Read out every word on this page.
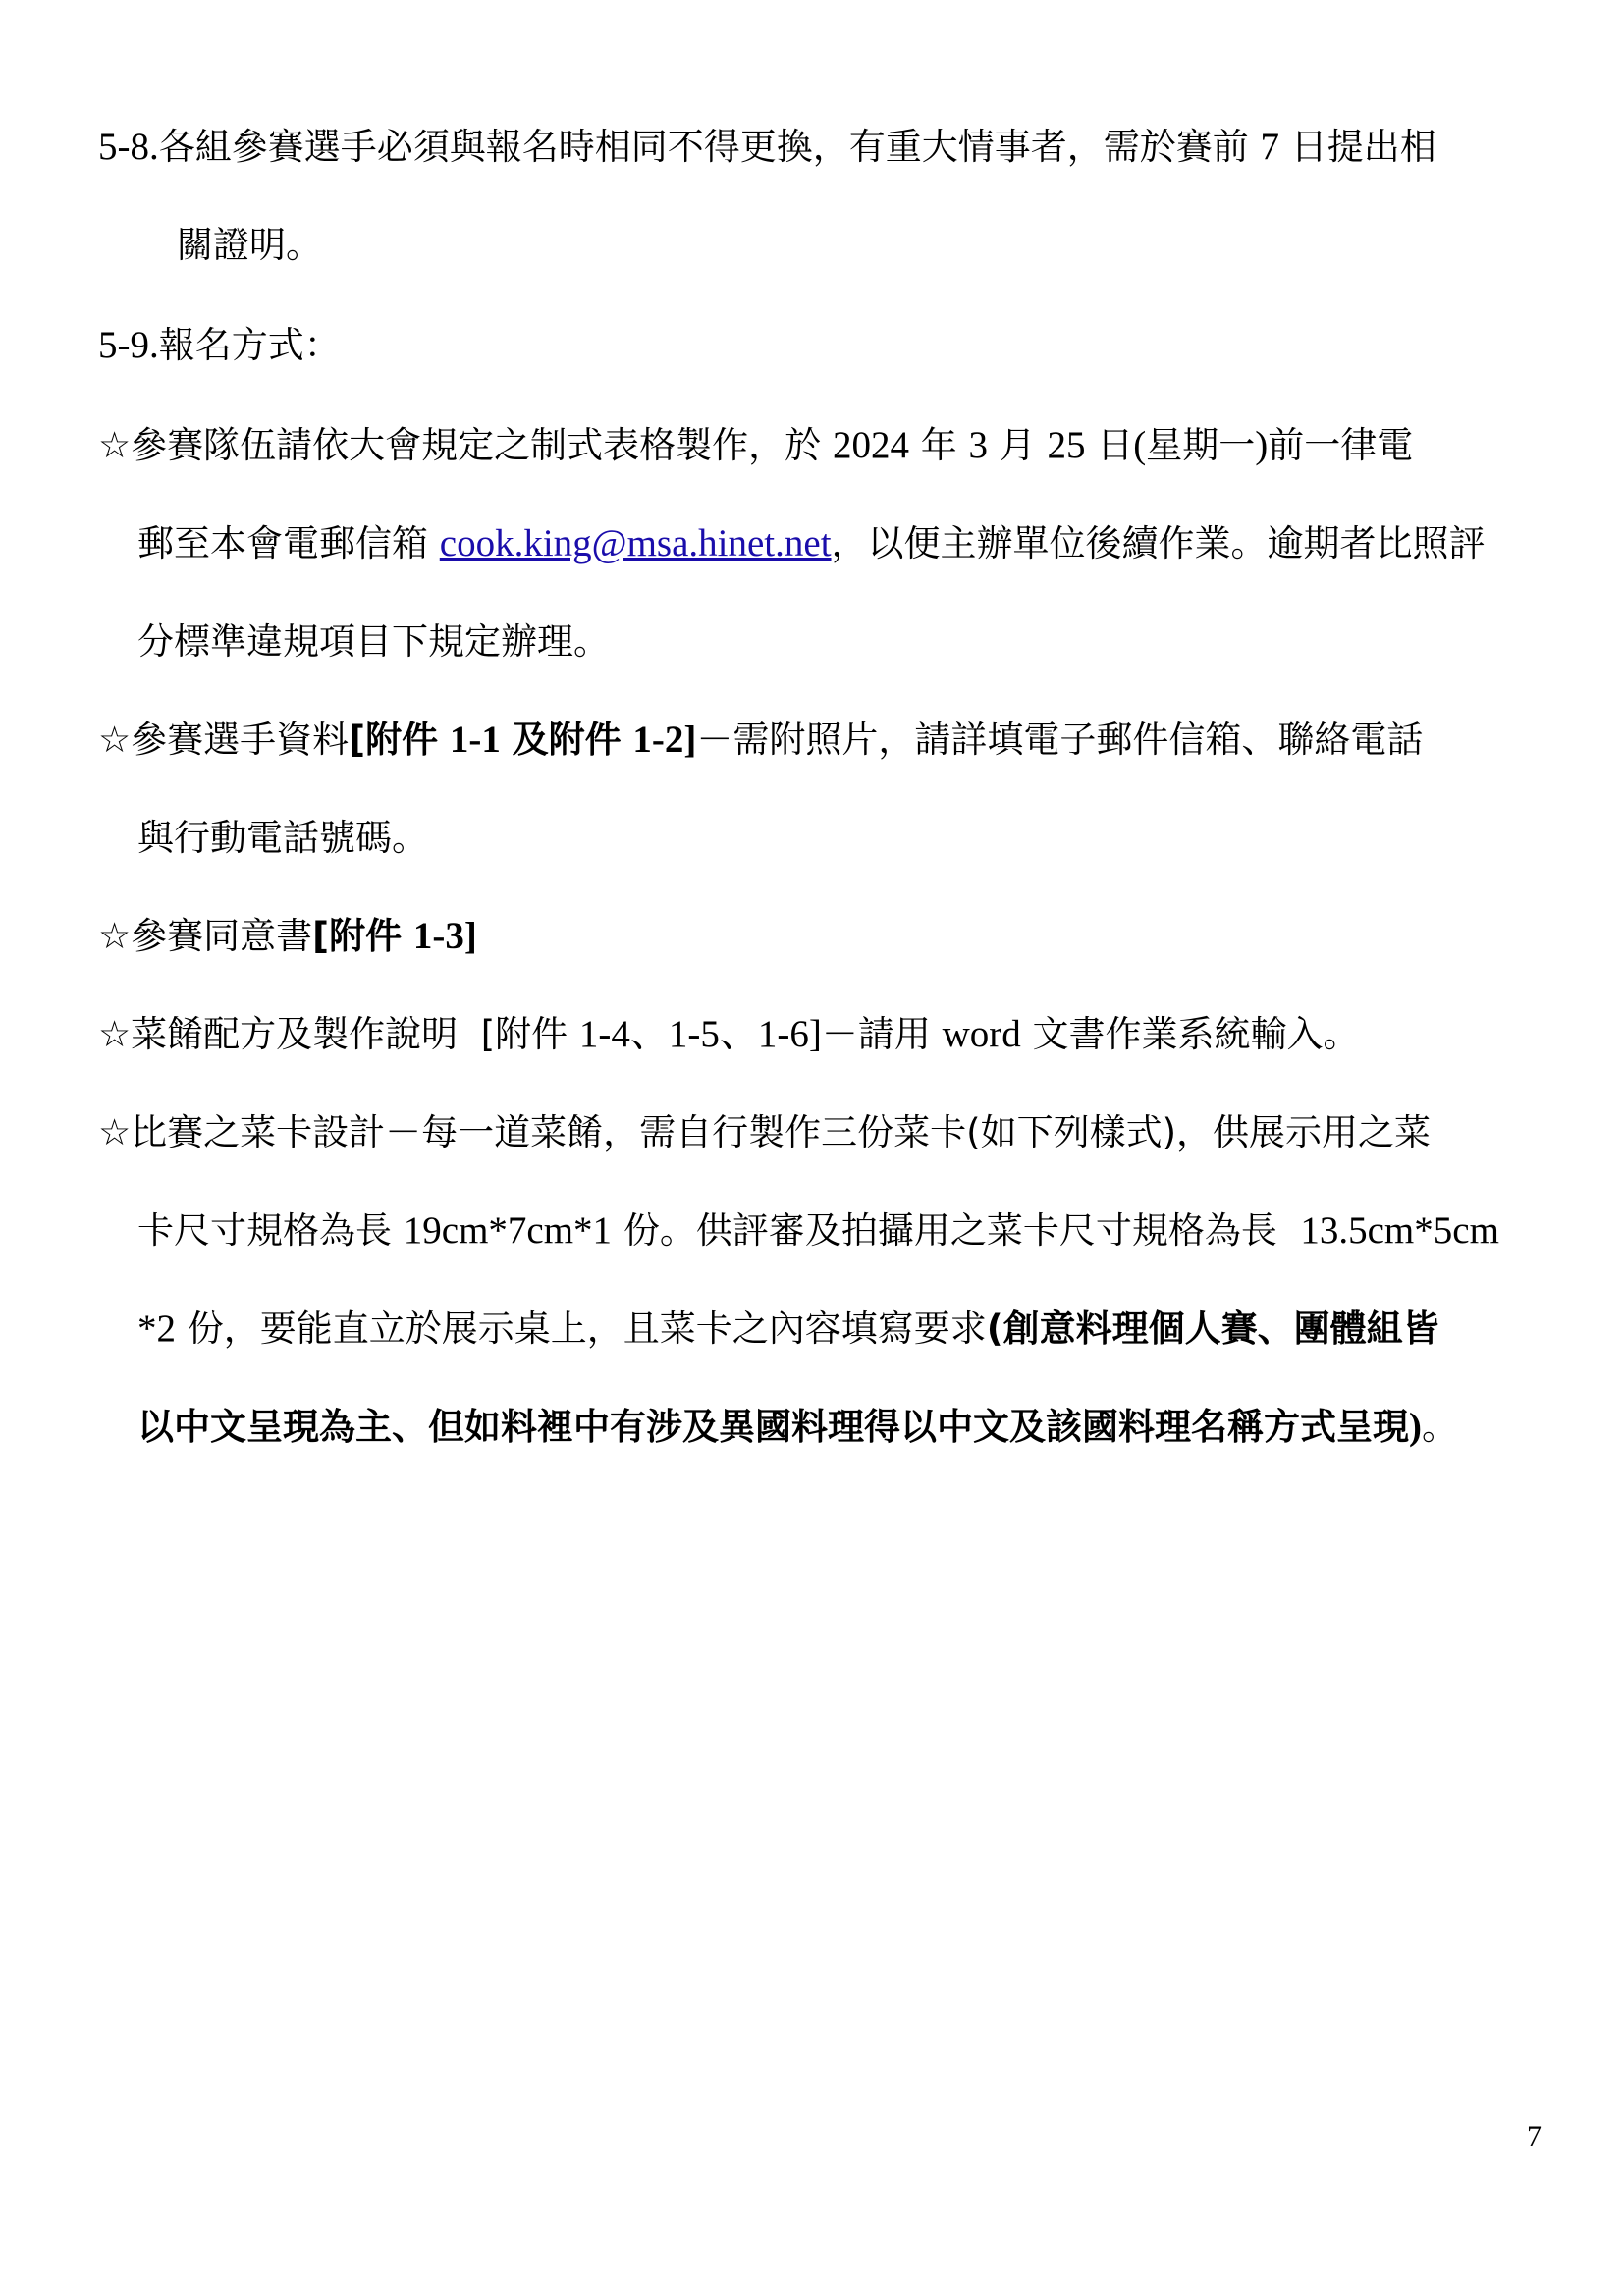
5-8.各組參賽選手必須與報名時相同不得更換，有重大情事者，需於賽前 7 日提出相
關證明。
5-9.報名方式：
☆參賽隊伍請依大會規定之制式表格製作，於 2024 年 3 月 25 日(星期一)前一律電
郵至本會電郵信箱 cook.king@msa.hinet.net，以便主辦單位後續作業。逾期者比照評
分標準違規項目下規定辦理。
☆參賽選手資料[附件 1-1 及附件 1-2]－需附照片，請詳填電子郵件信箱、聯絡電話
與行動電話號碼。
☆參賽同意書[附件 1-3]
☆菜餚配方及製作說明 [附件 1-4、1-5、1-6]－請用 word 文書作業系統輸入。
☆比賽之菜卡設計－每一道菜餚，需自行製作三份菜卡(如下列樣式)，供展示用之菜
卡尺寸規格為長 19cm*7cm*1 份。供評審及拍攝用之菜卡尺寸規格為長 13.5cm*5cm
*2 份，要能直立於展示桌上，且菜卡之內容填寫要求(創意料理個人賽、團體組皆
以中文呈現為主、但如料裡中有涉及異國料理得以中文及該國料理名稱方式呈現)。
7
